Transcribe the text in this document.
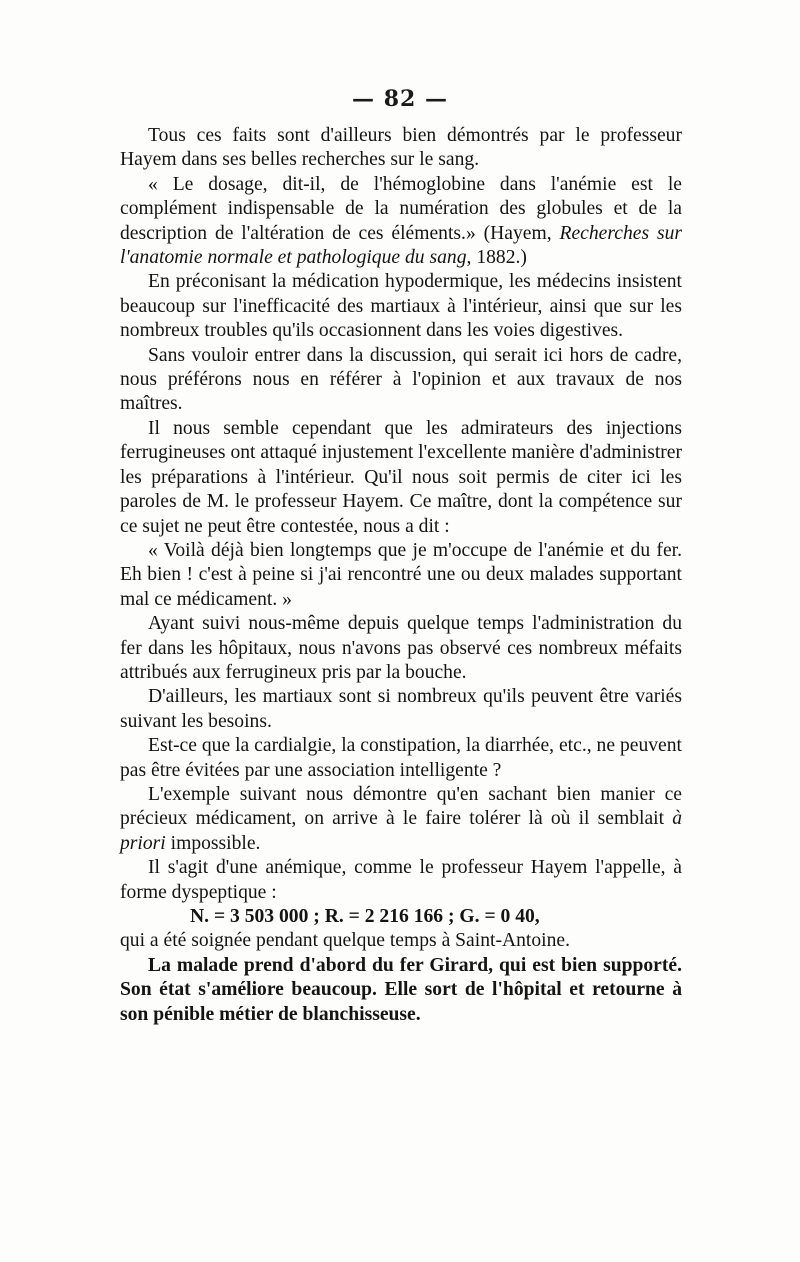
— 82 —

Tous ces faits sont d'ailleurs bien démontrés par le professeur Hayem dans ses belles recherches sur le sang.

« Le dosage, dit-il, de l'hémoglobine dans l'anémie est le complément indispensable de la numération des globules et de la description de l'altération de ces éléments.» (Hayem, Recherches sur l'anatomie normale et pathologique du sang, 1882.)

En préconisant la médication hypodermique, les médecins insistent beaucoup sur l'inefficacité des martiaux à l'intérieur, ainsi que sur les nombreux troubles qu'ils occasionnent dans les voies digestives.

Sans vouloir entrer dans la discussion, qui serait ici hors de cadre, nous préférons nous en référer à l'opinion et aux travaux de nos maîtres.

Il nous semble cependant que les admirateurs des injections ferrugineuses ont attaqué injustement l'excellente manière d'administrer les préparations à l'intérieur. Qu'il nous soit permis de citer ici les paroles de M. le professeur Hayem. Ce maître, dont la compétence sur ce sujet ne peut être contestée, nous a dit :

« Voilà déjà bien longtemps que je m'occupe de l'anémie et du fer. Eh bien ! c'est à peine si j'ai rencontré une ou deux malades supportant mal ce médicament. »

Ayant suivi nous-même depuis quelque temps l'administration du fer dans les hôpitaux, nous n'avons pas observé ces nombreux méfaits attribués aux ferrugineux pris par la bouche.

D'ailleurs, les martiaux sont si nombreux qu'ils peuvent être variés suivant les besoins.

Est-ce que la cardialgie, la constipation, la diarrhée, etc., ne peuvent pas être évitées par une association intelligente ?

L'exemple suivant nous démontre qu'en sachant bien manier ce précieux médicament, on arrive à le faire tolérer là où il semblait à priori impossible.

Il s'agit d'une anémique, comme le professeur Hayem l'appelle, à forme dyspeptique :

N. = 3 503 000 ; R. = 2 216 166 ; G. = 0 40,

qui a été soignée pendant quelque temps à Saint-Antoine.

La malade prend d'abord du fer Girard, qui est bien supporté. Son état s'améliore beaucoup. Elle sort de l'hôpital et retourne à son pénible métier de blanchisseuse.
